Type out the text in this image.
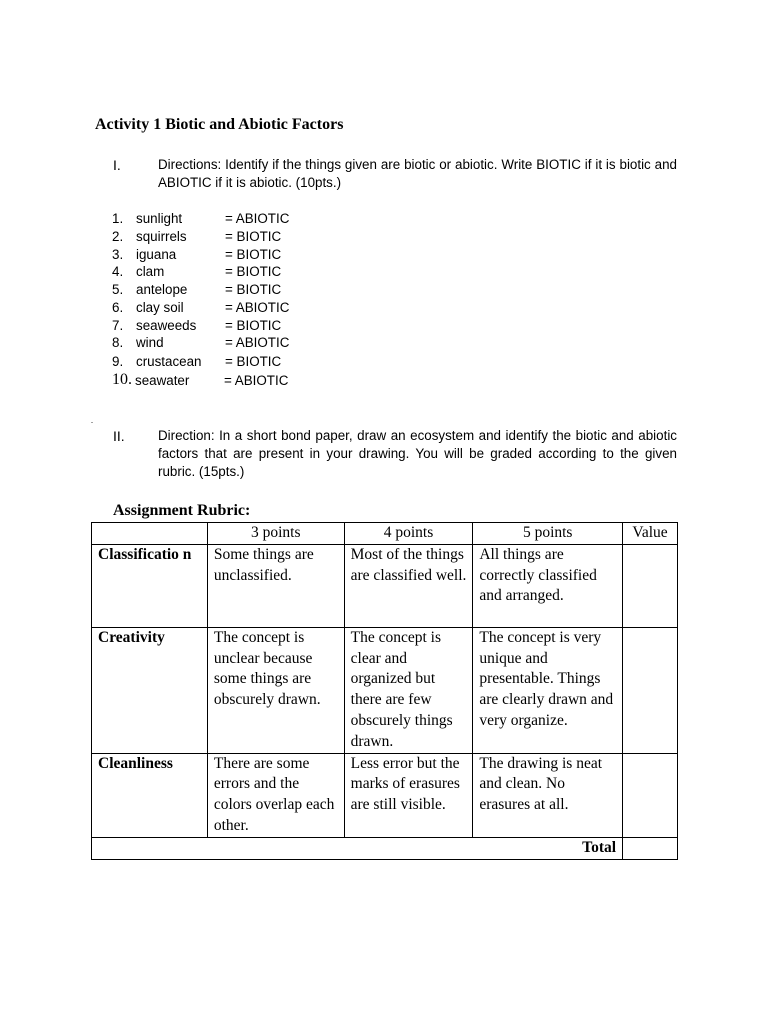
Activity 1 Biotic and Abiotic Factors
I.	Directions: Identify if the things given are biotic or abiotic. Write BIOTIC if it is biotic and ABIOTIC if it is abiotic. (10pts.)
1. sunlight	= ABIOTIC
2. squirrels	= BIOTIC
3. iguana	= BIOTIC
4. clam	= BIOTIC
5. antelope	= BIOTIC
6. clay soil	= ABIOTIC
7. seaweeds	= BIOTIC
8. wind	= ABIOTIC
9. crustacean	= BIOTIC
10. seawater	= ABIOTIC
.
II. Direction: In a short bond paper, draw an ecosystem and identify the biotic and abiotic factors that are present in your drawing. You will be graded according to the given rubric. (15pts.)
Assignment Rubric:
	3 points	4 points	5 points	Value
Classificatio n	Some things are unclassified.	Most of the things are classified well.	All things are correctly classified and arranged.	
Creativity	The concept is unclear because some things are obscurely drawn.	The concept is clear and organized but there are few obscurely things drawn.	The concept is very unique and presentable. Things are clearly drawn and very organize.	
Cleanliness	There are some errors and the colors overlap each other.	Less error but the marks of erasures are still visible.	The drawing is neat and clean. No erasures at all.	
Total				
